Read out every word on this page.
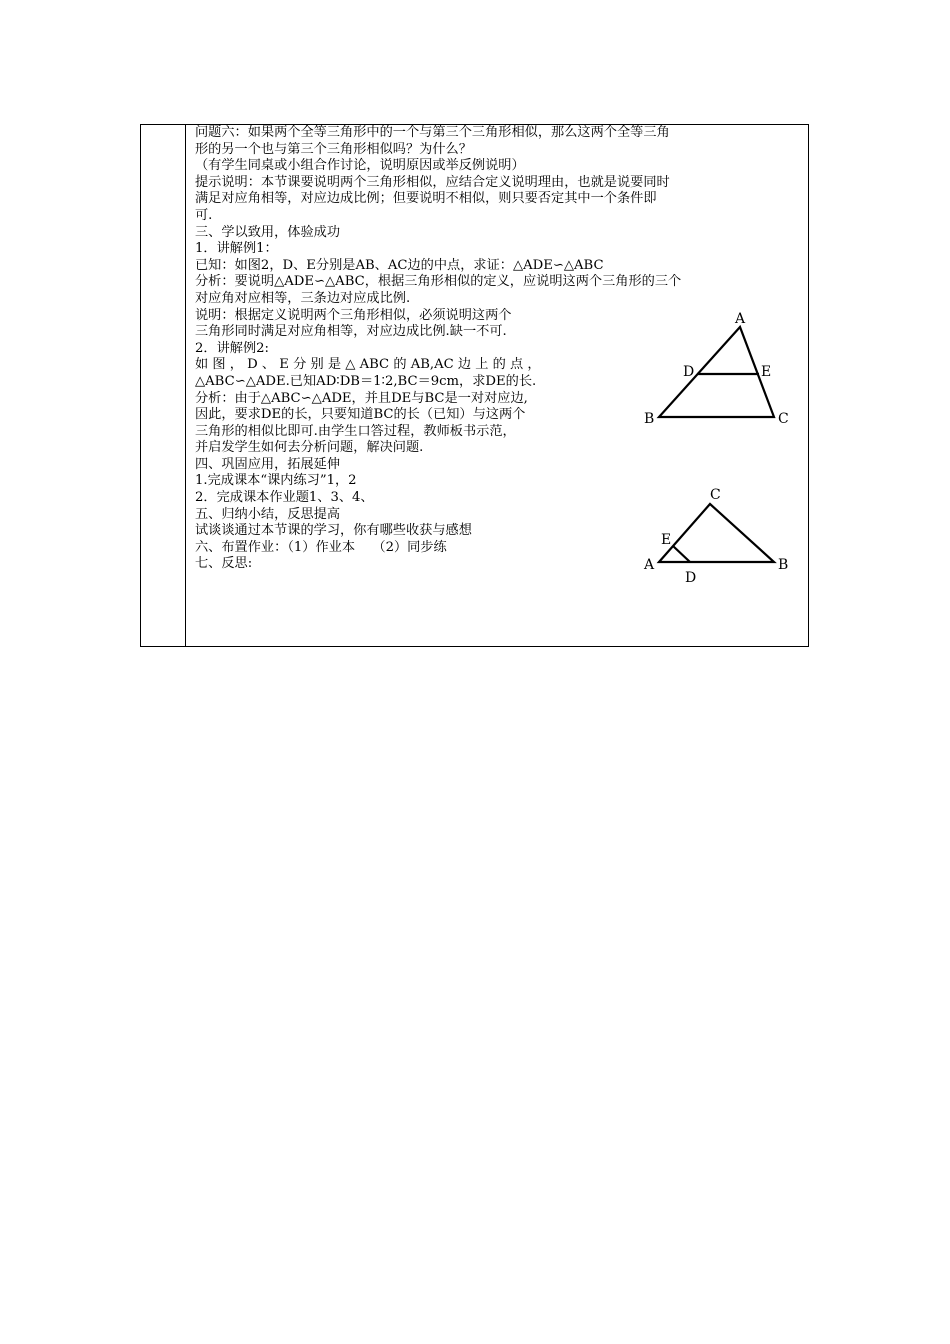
问题六：如果两个全等三角形中的一个与第三个三角形相似，那么这两个全等三角
形的另一个也与第三个三角形相似吗？为什么？
（有学生同桌或小组合作讨论，说明原因或举反例说明）
提示说明：本节课要说明两个三角形相似，应结合定义说明理由，也就是说要同时
满足对应角相等，对应边成比例；但要说明不相似，则只要否定其中一个条件即
可.
三、学以致用，体验成功
1．讲解例1：
已知：如图2，D、E分别是AB、AC边的中点，求证：△ADE∽△ABC
分析：要说明△ADE∽△ABC，根据三角形相似的定义，应说明这两个三角形的三个
对应角对应相等，三条边对应成比例.
说明：根据定义说明两个三角形相似，必须说明这两个
三角形同时满足对应角相等，对应边成比例.缺一不可.
2．讲解例2:
如 图 ， D 、 E 分 别 是 △ ABC 的 AB,AC 边 上 的 点 ，
△ABC∽△ADE.已知AD∶DB＝1∶2,BC＝9cm，求DE的长.
分析：由于△ABC∽△ADE，并且DE与BC是一对对应边,
因此，要求DE的长，只要知道BC的长（已知）与这两个
三角形的相似比即可.由学生口答过程，教师板书示范，
并启发学生如何去分析问题，解决问题.
四、巩固应用，拓展延伸
1.完成课本“课内练习”1，2
2．完成课本作业题1、3、4、
五、归纳小结，反思提高
试谈谈通过本节课的学习，你有哪些收获与感想
六、布置作业：（1）作业本　 （2）同步练
七、反思:
A
B	C
D	E
C
E
A	B
D
